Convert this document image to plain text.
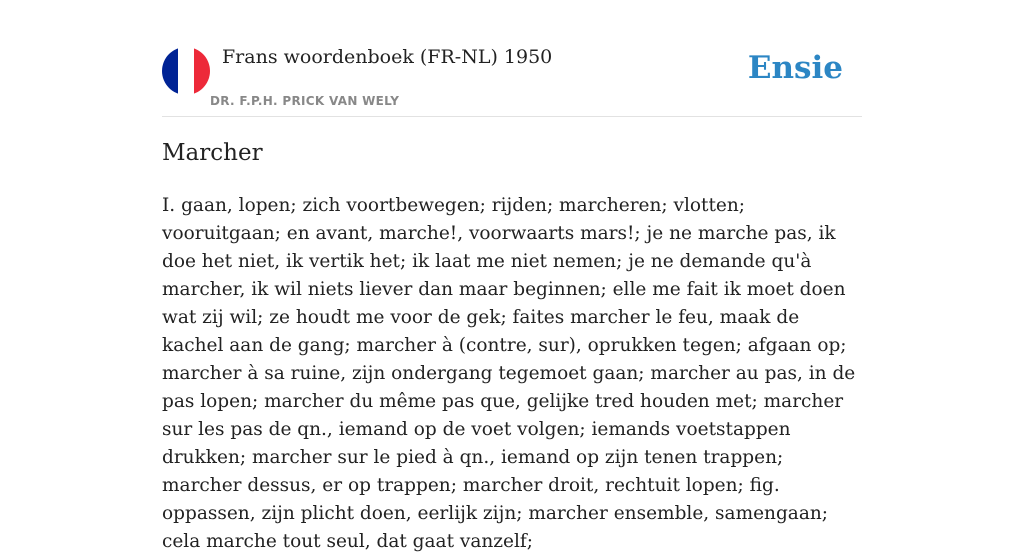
Frans woordenboek (FR-NL) 1950
DR. F.P.H. PRICK VAN WELY
Ensie
Marcher

I. gaan, lopen; zich voortbewegen; rijden; marcheren; vlotten; vooruitgaan; en avant, marche!, voorwaarts mars!; je ne marche pas, ik doe het niet, ik vertik het; ik laat me niet nemen; je ne demande qu'à marcher, ik wil niets liever dan maar beginnen; elle me fait ik moet doen wat zij wil; ze houdt me voor de gek; faites marcher le feu, maak de kachel aan de gang; marcher à (contre, sur), oprukken tegen; afgaan op; marcher à sa ruine, zijn ondergang tegemoet gaan; marcher au pas, in de pas lopen; marcher du même pas que, gelijke tred houden met; marcher sur les pas de qn., iemand op de voet volgen; iemands voetstappen drukken; marcher sur le pied à qn., iemand op zijn tenen trappen; marcher dessus, er op trappen; marcher droit, rechtuit lopen; fig. oppassen, zijn plicht doen, eerlijk zijn; marcher ensemble, samengaan; cela marche tout seul, dat gaat vanzelf;
